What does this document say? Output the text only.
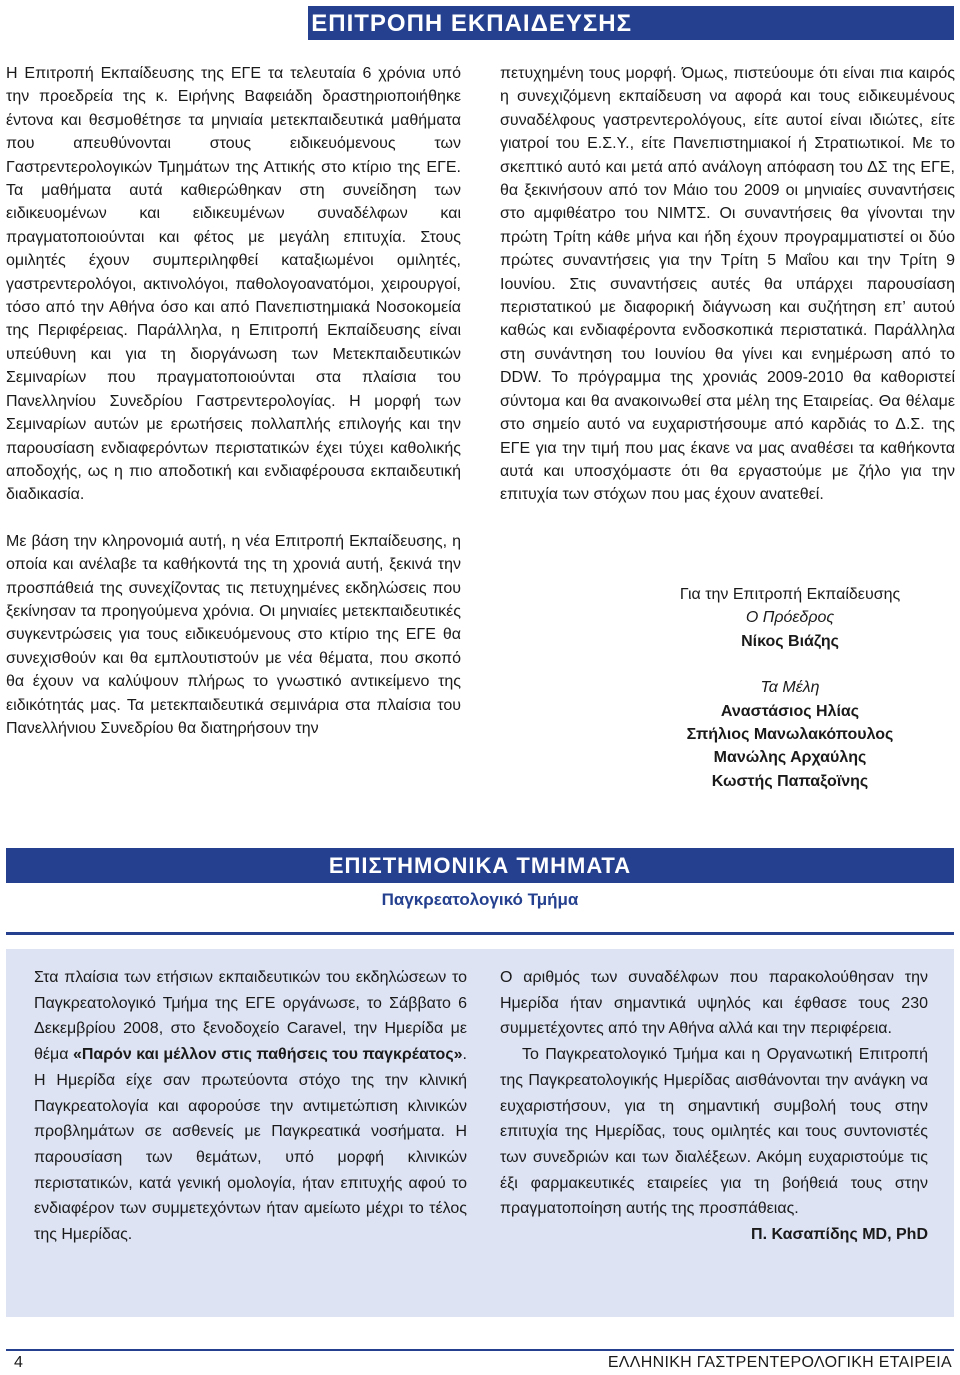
ΕΠΙΤΡΟΠΗ ΕΚΠΑΙΔΕΥΣΗΣ

Η Επιτροπή Εκπαίδευσης της ΕΓΕ τα τελευταία 6 χρόνια υπό την προεδρεία της κ. Ειρήνης Βαφειάδη δραστηριοποιήθηκε έντονα και θεσμοθέτησε τα μηνιαία μετεκπαιδευτικά μαθήματα που απευθύνονται στους ειδικευόμενους των Γαστρεντερολογικών Τμημάτων της Αττικής στο κτίριο της ΕΓΕ. Τα μαθήματα αυτά καθιερώθηκαν στη συνείδηση των ειδικευομένων και ειδικευμένων συναδέλφων και πραγματοποιούνται και φέτος με μεγάλη επιτυχία. Στους ομιλητές έχουν συμπεριληφθεί καταξιωμένοι ομιλητές, γαστρεντερολόγοι, ακτινολόγοι, παθολογοανατόμοι, χειρουργοί, τόσο από την Αθήνα όσο και από Πανεπιστημιακά Νοσοκομεία της Περιφέρειας. Παράλληλα, η Επιτροπή Εκπαίδευσης είναι υπεύθυνη και για τη διοργάνωση των Μετεκπαιδευτικών Σεμιναρίων που πραγματοποιούνται στα πλαίσια του Πανελληνίου Συνεδρίου Γαστρεντερολογίας. Η μορφή των Σεμιναρίων αυτών με ερωτήσεις πολλαπλής επιλογής και την παρουσίαση ενδιαφερόντων περιστατικών έχει τύχει καθολικής αποδοχής, ως η πιο αποδοτική και ενδιαφέρουσα εκπαιδευτική διαδικασία.

Με βάση την κληρονομιά αυτή, η νέα Επιτροπή Εκπαίδευσης, η οποία και ανέλαβε τα καθήκοντά της τη χρονιά αυτή, ξεκινά την προσπάθειά της συνεχίζοντας τις πετυχημένες εκδηλώσεις που ξεκίνησαν τα προηγούμενα χρόνια. Οι μηνιαίες μετεκπαιδευτικές συγκεντρώσεις για τους ειδικευόμενους στο κτίριο της ΕΓΕ θα συνεχισθούν και θα εμπλουτιστούν με νέα θέματα, που σκοπό θα έχουν να καλύψουν πλήρως το γνωστικό αντικείμενο της ειδικότητάς μας. Τα μετεκπαιδευτικά σεμινάρια στα πλαίσια του Πανελλήνιου Συνεδρίου θα διατηρήσουν την

πετυχημένη τους μορφή. Όμως, πιστεύουμε ότι είναι πια καιρός η συνεχιζόμενη εκπαίδευση να αφορά και τους ειδικευμένους συναδέλφους γαστρεντερολόγους, είτε αυτοί είναι ιδιώτες, είτε γιατροί του Ε.Σ.Υ., είτε Πανεπιστημιακοί ή Στρατιωτικοί. Με το σκεπτικό αυτό και μετά από ανάλογη απόφαση του ΔΣ της ΕΓΕ, θα ξεκινήσουν από τον Μάιο του 2009 οι μηνιαίες συναντήσεις στο αμφιθέατρο του ΝΙΜΤΣ. Οι συναντήσεις θα γίνονται την πρώτη Τρίτη κάθε μήνα και ήδη έχουν προγραμματιστεί οι δύο πρώτες συναντήσεις για την Τρίτη 5 Μαΐου και την Τρίτη 9 Ιουνίου. Στις συναντήσεις αυτές θα υπάρχει παρουσίαση περιστατικού με διαφορική διάγνωση και συζήτηση επ’ αυτού καθώς και ενδιαφέροντα ενδοσκοπικά περιστατικά. Παράλληλα στη συνάντηση του Ιουνίου θα γίνει και ενημέρωση από το DDW. Το πρόγραμμα της χρονιάς 2009-2010 θα καθοριστεί σύντομα και θα ανακοινωθεί στα μέλη της Εταιρείας. Θα θέλαμε στο σημείο αυτό να ευχαριστήσουμε από καρδιάς το Δ.Σ. της ΕΓΕ για την τιμή που μας έκανε να μας αναθέσει τα καθήκοντα αυτά και υποσχόμαστε ότι θα εργαστούμε με ζήλο για την επιτυχία των στόχων που μας έχουν ανατεθεί.

Για την Επιτροπή Εκπαίδευσης
Ο Πρόεδρος
Νίκος Βιάζης
Τα Μέλη
Αναστάσιος Ηλίας
Σπήλιος Μανωλακόπουλος
Μανώλης Αρχαύλης
Κωστής Παπαξοϊνης
ΕΠΙΣΤΗΜΟΝΙΚΑ ΤΜΗΜΑΤΑ
Παγκρεατολογικό Τμήμα

Στα πλαίσια των ετήσιων εκπαιδευτικών του εκδηλώσεων το Παγκρεατολογικό Τμήμα της ΕΓΕ οργάνωσε, το Σάββατο 6 Δεκεμβρίου 2008, στο ξενοδοχείο Caravel, την Ημερίδα με θέμα «Παρόν και μέλλον στις παθήσεις του παγκρέατος». Η Ημερίδα είχε σαν πρωτεύοντα στόχο της την κλινική Παγκρεατολογία και αφορούσε την αντιμετώπιση κλινικών προβλημάτων σε ασθενείς με Παγκρεατικά νοσήματα. Η παρουσίαση των θεμάτων, υπό μορφή κλινικών περιστατικών, κατά γενική ομολογία, ήταν επιτυχής αφού το ενδιαφέρον των συμμετεχόντων ήταν αμείωτο μέχρι το τέλος της Ημερίδας.

Ο αριθμός των συναδέλφων που παρακολούθησαν την Ημερίδα ήταν σημαντικά υψηλός και έφθασε τους 230 συμμετέχοντες από την Αθήνα αλλά και την περιφέρεια.

Το Παγκρεατολογικό Τμήμα και η Οργανωτική Επιτροπή της Παγκρεατολογικής Ημερίδας αισθάνονται την ανάγκη να ευχαριστήσουν, για τη σημαντική συμβολή τους στην επιτυχία της Ημερίδας, τους ομιλητές και τους συντονιστές των συνεδριών και των διαλέξεων. Ακόμη ευχαριστούμε τις έξι φαρμακευτικές εταιρείες για τη βοήθειά τους στην πραγματοποίηση αυτής της προσπάθειας.

Π. Κασαπίδης MD, PhD

4	ΕΛΛΗΝΙΚΗ ΓΑΣΤΡΕΝΤΕΡΟΛΟΓΙΚΗ ΕΤΑΙΡΕΙΑ
